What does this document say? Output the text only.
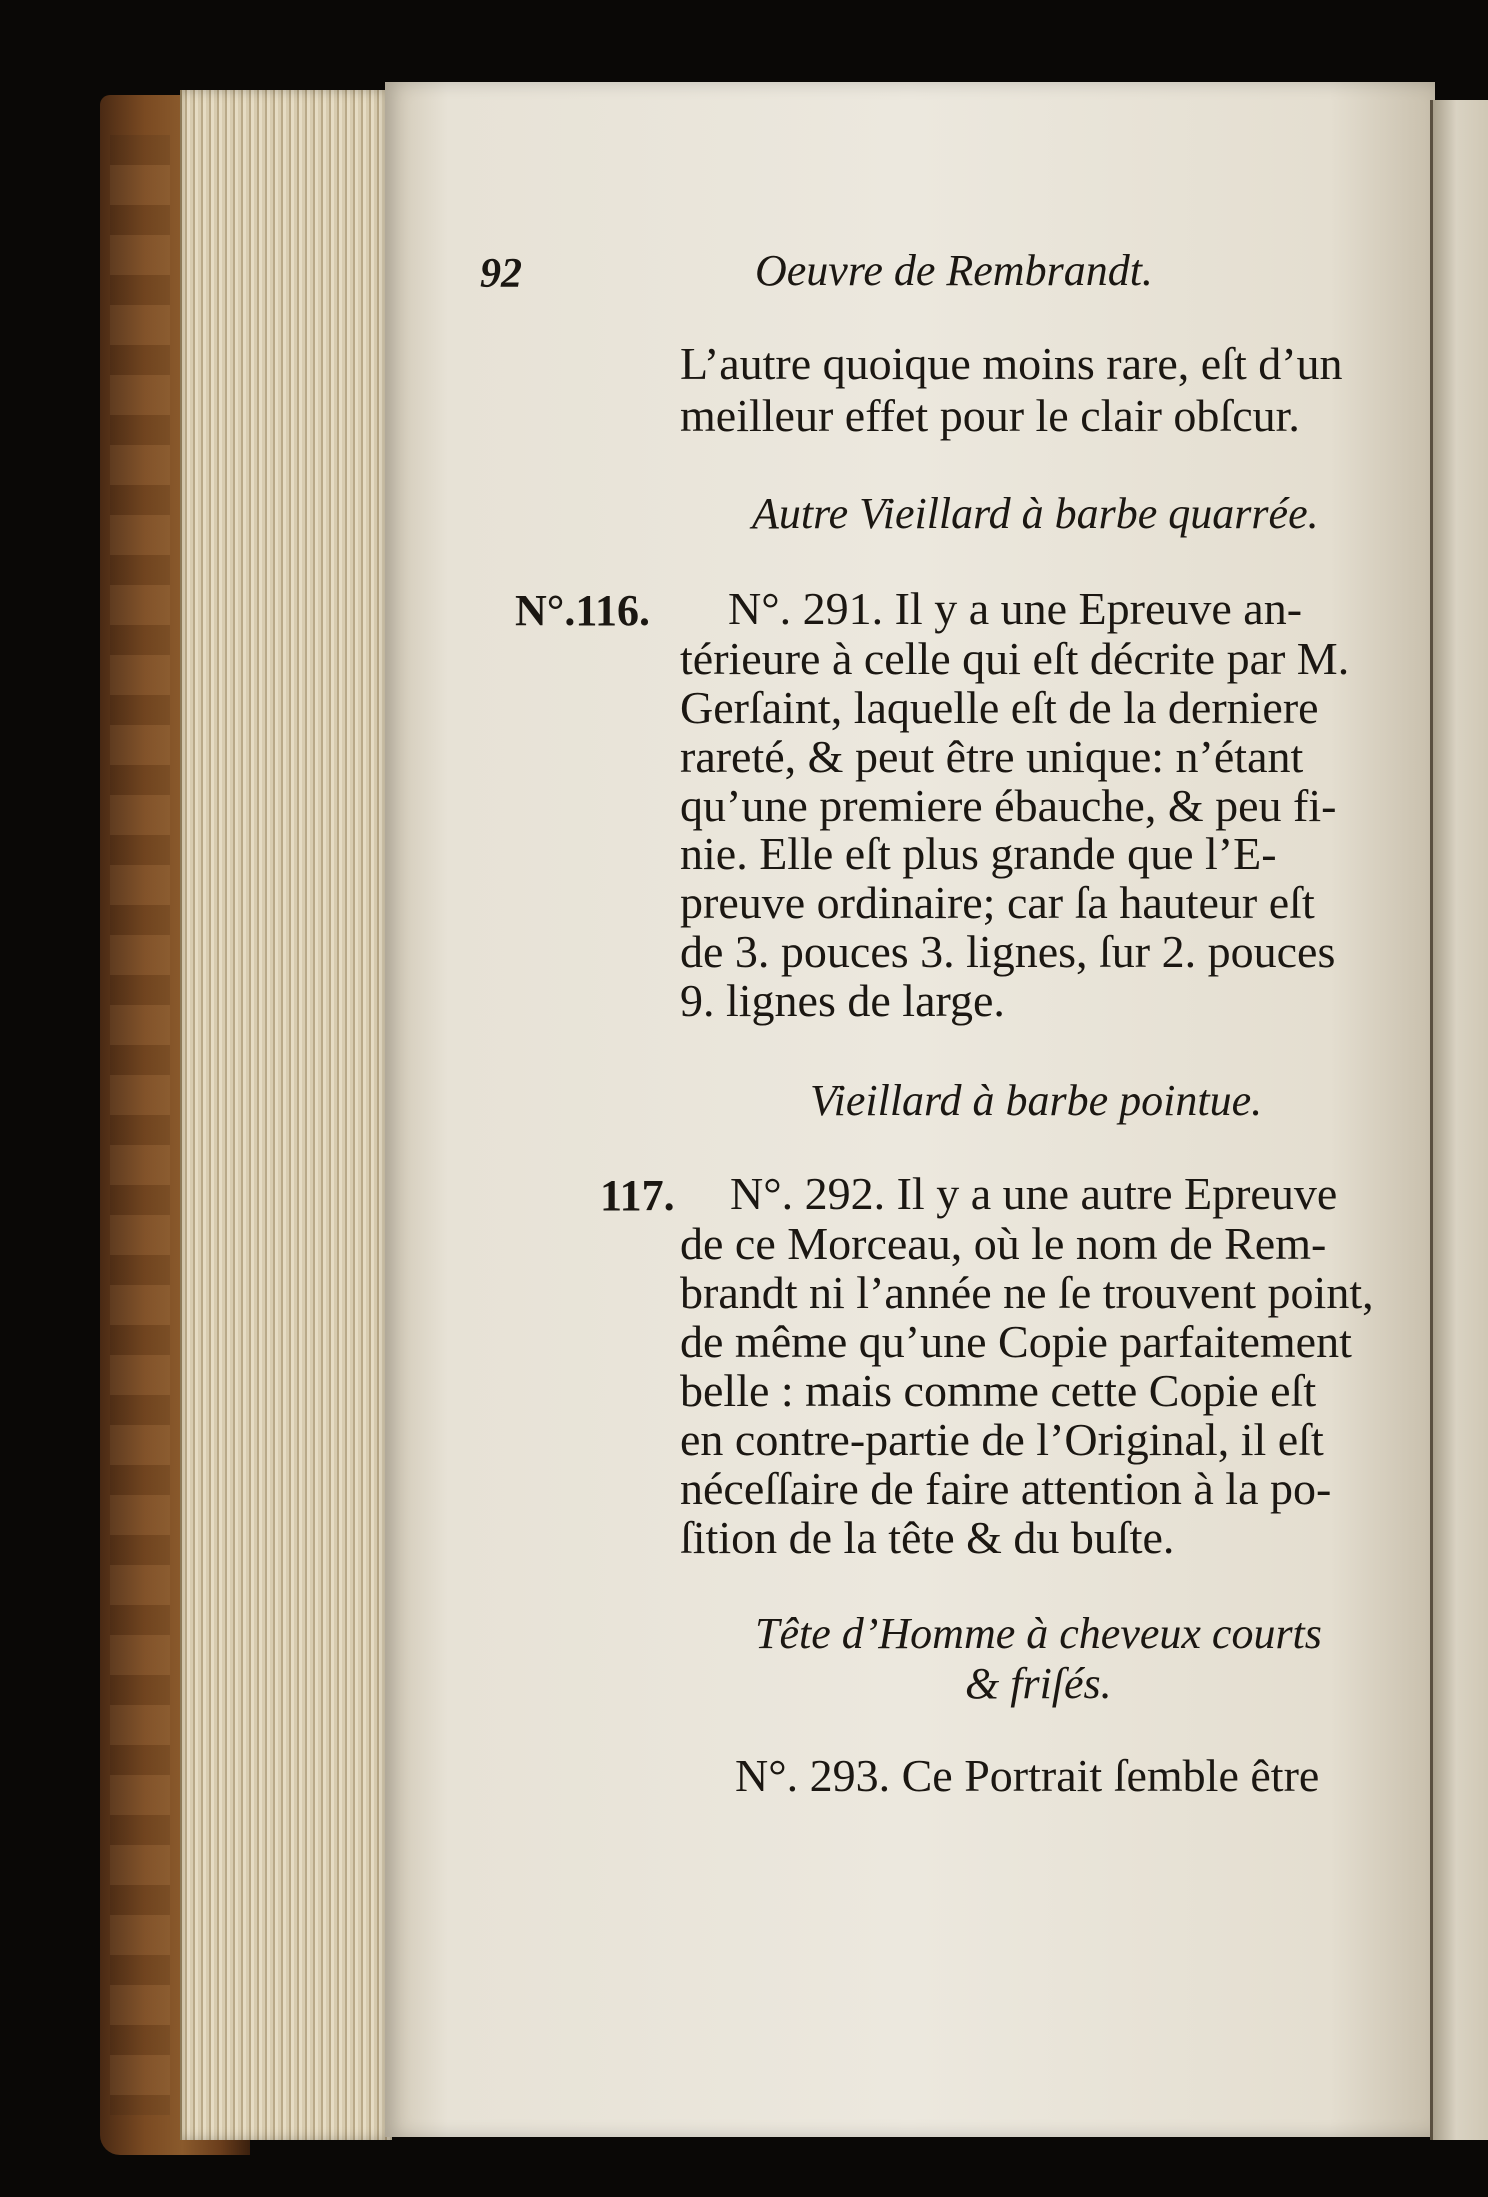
92	Oeuvre de Rembrandt.
L’autre quoique moins rare, eſt d’un
meilleur effet pour le clair obſcur.
Autre Vieillard à barbe quarrée.
N°.116. N°. 291. Il y a une Epreuve an-
térieure à celle qui eſt décrite par M.
Gerſaint, laquelle eſt de la derniere
rareté, & peut être unique: n’étant
qu’une premiere ébauche, & peu fi-
nie. Elle eſt plus grande que l’E-
preuve ordinaire; car ſa hauteur eſt
de 3. pouces 3. lignes, ſur 2. pouces
9. lignes de large.
Vieillard à barbe pointue.
117. N°. 292. Il y a une autre Epreuve
de ce Morceau, où le nom de Rem-
brandt ni l’année ne ſe trouvent point,
de même qu’une Copie parfaitement
belle : mais comme cette Copie eſt
en contre-partie de l’Original, il eſt
néceſſaire de faire attention à la po-
ſition de la tête & du buſte.
Tête d’Homme à cheveux courts
& friſés.
N°. 293. Ce Portrait ſemble être
